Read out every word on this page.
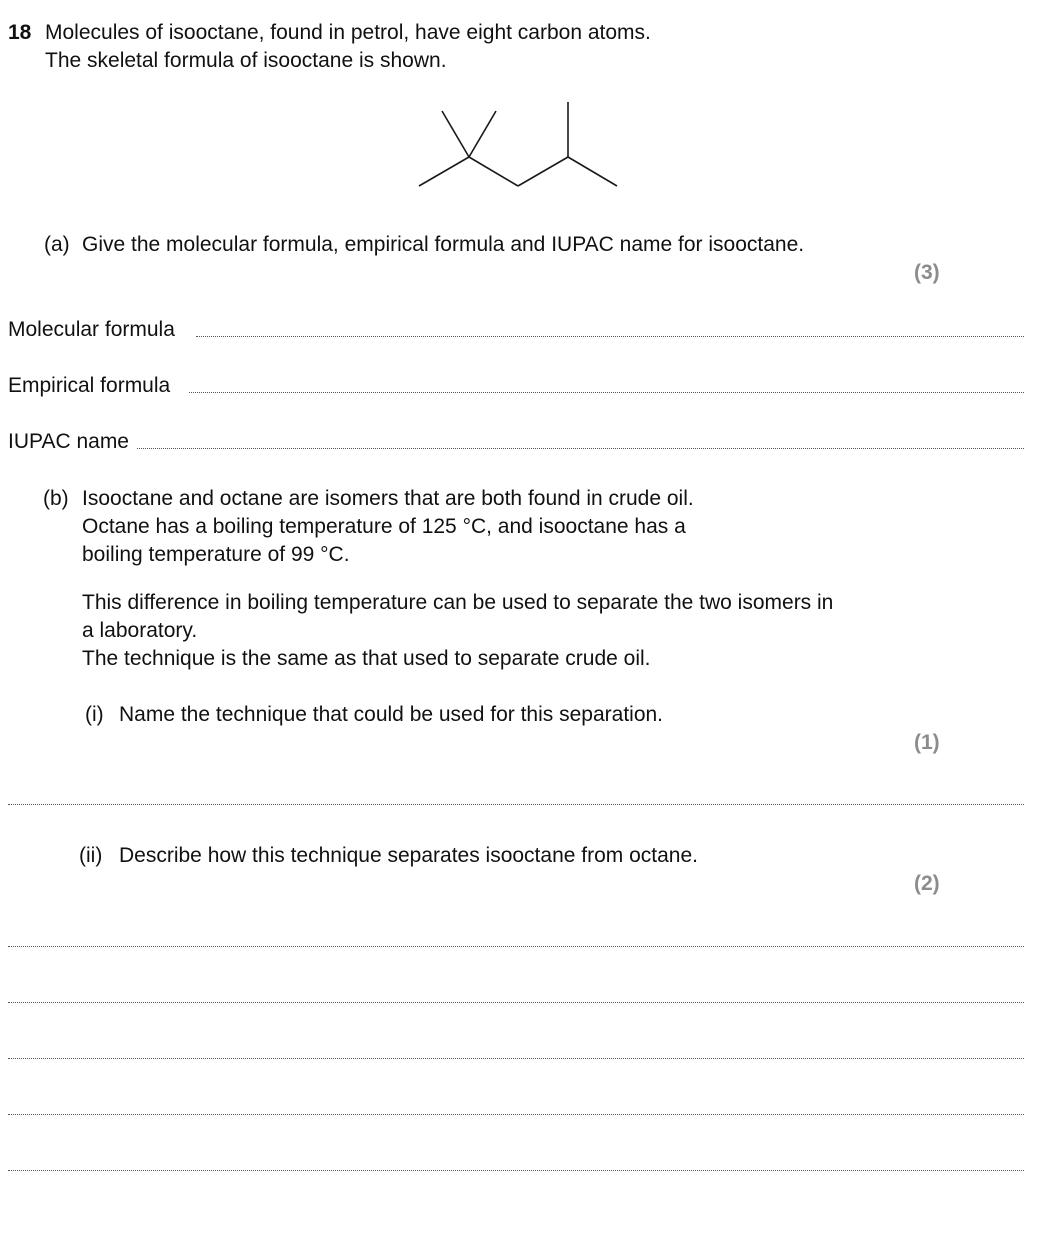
18 Molecules of isooctane, found in petrol, have eight carbon atoms.
The skeletal formula of isooctane is shown.
(a) Give the molecular formula, empirical formula and IUPAC name for isooctane.
(3)
Molecular formula
Empirical formula
IUPAC name
(b) Isooctane and octane are isomers that are both found in crude oil.
Octane has a boiling temperature of 125 °C, and isooctane has a
boiling temperature of 99 °C.
This difference in boiling temperature can be used to separate the two isomers in
a laboratory.
The technique is the same as that used to separate crude oil.
(i) Name the technique that could be used for this separation.
(1)
(ii) Describe how this technique separates isooctane from octane.
(2)
